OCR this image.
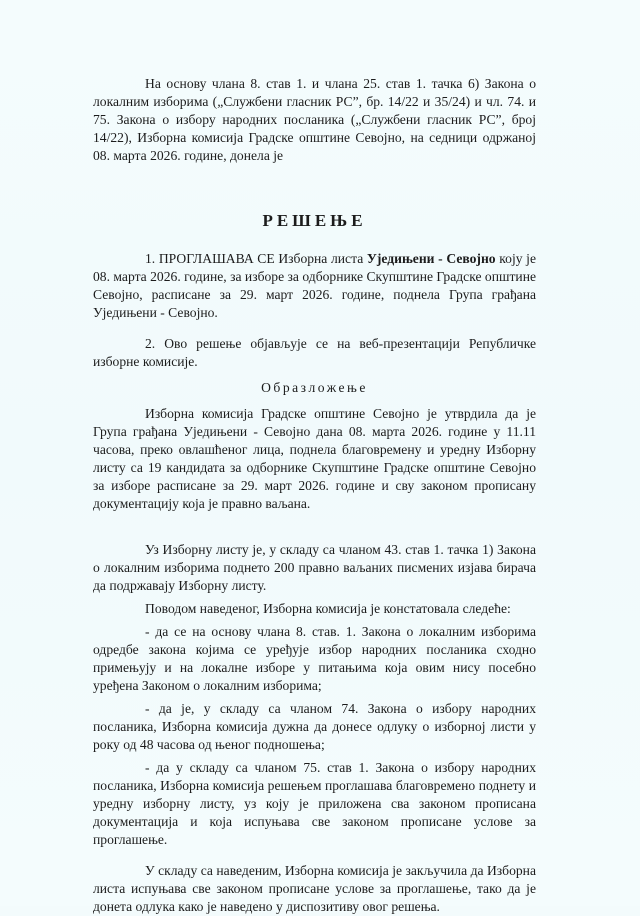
На основу члана 8. став 1. и члана 25. став 1. тачка 6) Закона о локалним изборима („Службени гласник РС”, бр. 14/22 и 35/24) и чл. 74. и 75. Закона о избору народних посланика („Службени гласник РС”, број 14/22), Изборна комисија Градске општине Севојно, на седници одржаној 08. марта 2026. године, донела је

РЕШЕЊЕ

1. ПРОГЛАШАВА СЕ Изборна листа Уједињени - Севојно коју је 08. марта 2026. године, за изборе за одборнике Скупштине Градске општине Севојно, расписане за 29. март 2026. године, поднела Група грађана Уједињени - Севојно.

2. Ово решење објављује се на веб-презентацији Републичке изборне комисије.

Образложење

Изборна комисија Градске општине Севојно је утврдила да је Група грађана Уједињени - Севојно дана 08. марта 2026. године у 11.11 часова, преко овлашћеног лица, поднела благовремену и уредну Изборну листу са 19 кандидата за одборнике Скупштине Градске општине Севојно за изборе расписане за 29. март 2026. године и сву законом прописану документацију која је правно ваљана.

Уз Изборну листу је, у складу са чланом 43. став 1. тачка 1) Закона о локалним изборима поднето 200 правно ваљаних писмених изјава бирача да подржавају Изборну листу.

Поводом наведеног, Изборна комисија је констатовала следеће:

- да се на основу члана 8. став. 1. Закона о локалним изборима одредбе закона којима се уређује избор народних посланика сходно примењују и на локалне изборе у питањима која овим нису посебно уређена Законом о локалним изборима;

- да је, у складу са чланом 74. Закона о избору народних посланика, Изборна комисија дужна да донесе одлуку о изборној листи у року од 48 часова од њеног подношења;

- да у складу са чланом 75. став 1. Закона о избору народних посланика, Изборна комисија решењем проглашава благовремено поднету и уредну изборну листу, уз коју је приложена сва законом прописана документација и која испуњава све законом прописане услове за проглашење.

У складу са наведеним, Изборна комисија је закључила да Изборна листа испуњава све законом прописане услове за проглашење, тако да је донета одлука како је наведено у диспозитиву овог решења.
